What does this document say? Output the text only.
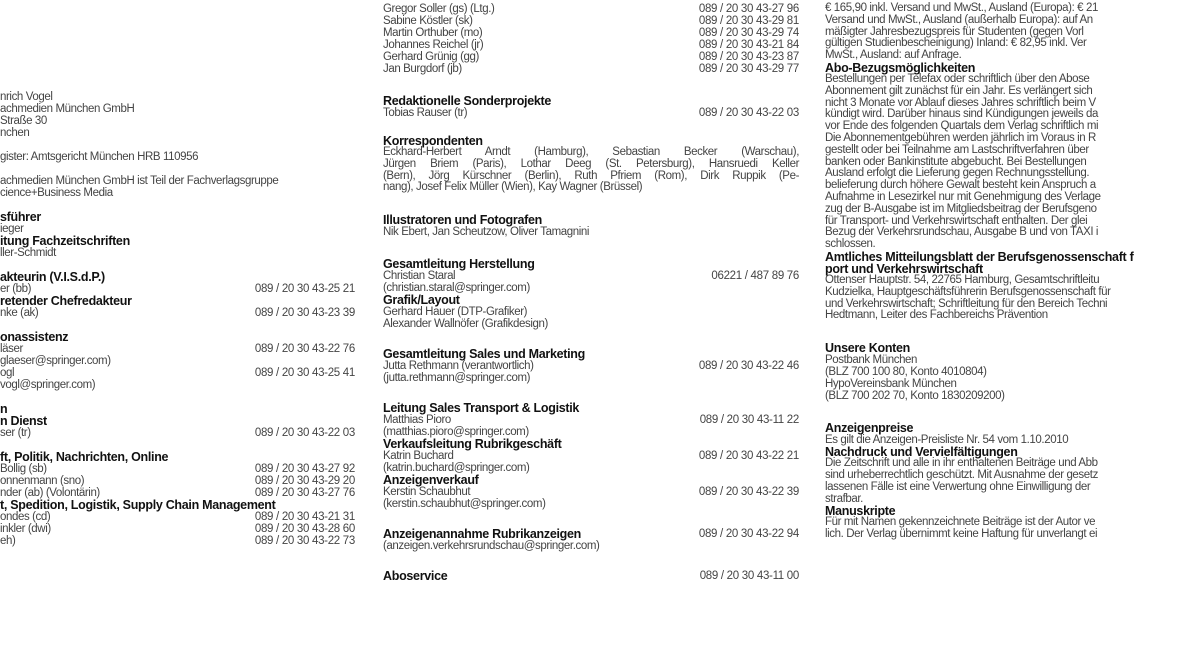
nrich Vogel
achmedien München GmbH
Straße 30
nchen
gister: Amtsgericht München HRB 110956
achmedien München GmbH ist Teil der Fachverlagsgruppe
cience+Business Media
sführer
ieger
itung Fachzeitschriften
ller-Schmidt
akteurin (V.I.S.d.P.)
er (bb)	089 / 20 30 43-25 21
retender Chefredakteur
nke (ak)	089 / 20 30 43-23 39
onassistenz
läser	089 / 20 30 43-22 76
glaeser@springer.com)
ogl	089 / 20 30 43-25 41
vogl@springer.com)
n
n Dienst
ser (tr)	089 / 20 30 43-22 03
ft, Politik, Nachrichten, Online
Bollig (sb)	089 / 20 30 43-27 92
onnenmann (sno)	089 / 20 30 43-29 20
nder (ab) (Volontärin)	089 / 20 30 43-27 76
t, Spedition, Logistik, Supply Chain Management
ondes (cd)	089 / 20 30 43-21 31
inkler (dwi)	089 / 20 30 43-28 60
eh)	089 / 20 30 43-22 73
Gregor Soller (gs) (Ltg.)	089 / 20 30 43-27 96
Sabine Köstler (sk)	089 / 20 30 43-29 81
Martin Orthuber (mo)	089 / 20 30 43-29 74
Johannes Reichel (jr)	089 / 20 30 43-21 84
Gerhard Grünig (gg)	089 / 20 30 43-23 87
Jan Burgdorf (jb)	089 / 20 30 43-29 77
Redaktionelle Sonderprojekte
Tobias Rauser (tr)	089 / 20 30 43-22 03
Korrespondenten
Eckhard-Herbert Arndt (Hamburg), Sebastian Becker (Warschau),
Jürgen Briem (Paris), Lothar Deeg (St. Petersburg), Hansruedi Keller
(Bern), Jörg Kürschner (Berlin), Ruth Pfriem (Rom), Dirk Ruppik (Pe-
nang), Josef Felix Müller (Wien), Kay Wagner (Brüssel)
Illustratoren und Fotografen
Nik Ebert, Jan Scheutzow, Oliver Tamagnini
Gesamtleitung Herstellung
Christian Staral	06221 / 487 89 76
(christian.staral@springer.com)
Grafik/Layout
Gerhard Hauer (DTP-Grafiker)
Alexander Wallnöfer (Grafikdesign)
Gesamtleitung Sales und Marketing
Jutta Rethmann (verantwortlich)	089 / 20 30 43-22 46
(jutta.rethmann@springer.com)
Leitung Sales Transport & Logistik
Matthias Pioro	089 / 20 30 43-11 22
(matthias.pioro@springer.com)
Verkaufsleitung Rubrikgeschäft
Katrin Buchard	089 / 20 30 43-22 21
(katrin.buchard@springer.com)
Anzeigenverkauf
Kerstin Schaubhut	089 / 20 30 43-22 39
(kerstin.schaubhut@springer.com)
Anzeigenannahme Rubrikanzeigen	089 / 20 30 43-22 94
(anzeigen.verkehrsrundschau@springer.com)
Aboservice	089 / 20 30 43-11 00
€ 165,90 inkl. Versand und MwSt., Ausland (Europa): € 21
Versand und MwSt., Ausland (außerhalb Europa): auf An
mäßigter Jahresbezugspreis für Studenten (gegen Vorl
gültigen Studienbescheinigung) Inland: € 82,95 inkl. Ver
MwSt., Ausland: auf Anfrage.
Abo-Bezugsmöglichkeiten
Bestellungen per Telefax oder schriftlich über den Abose
Abonnement gilt zunächst für ein Jahr. Es verlängert sich
nicht 3 Monate vor Ablauf dieses Jahres schriftlich beim V
kündigt wird. Darüber hinaus sind Kündigungen jeweils da
vor Ende des folgenden Quartals dem Verlag schriftlich mi
Die Abonnementgebühren werden jährlich im Voraus in R
gestellt oder bei Teilnahme am Lastschriftverfahren über
banken oder Bankinstitute abgebucht. Bei Bestellungen
Ausland erfolgt die Lieferung gegen Rechnungsstellung.
belieferung durch höhere Gewalt besteht kein Anspruch a
Aufnahme in Lesezirkel nur mit Genehmigung des Verlage
zug der B-Ausgabe ist im Mitgliedsbeitrag der Berufsgeno
für Transport- und Verkehrswirtschaft enthalten. Der glei
Bezug der Verkehrsrundschau, Ausgabe B und von TAXI i
schlossen.
Amtliches Mitteilungsblatt der Berufsgenossenschaft f
port und Verkehrswirtschaft
Ottenser Hauptstr. 54, 22765 Hamburg, Gesamtschriftleitu
Kudzielka, Hauptgeschäftsführerin Berufsgenossenschaft für
und Verkehrswirtschaft; Schriftleitung für den Bereich Techni
Hedtmann, Leiter des Fachbereichs Prävention
Unsere Konten
Postbank München
(BLZ 700 100 80, Konto 4010804)
HypoVereinsbank München
(BLZ 700 202 70, Konto 1830209200)
Anzeigenpreise
Es gilt die Anzeigen-Preisliste Nr. 54 vom 1.10.2010
Nachdruck und Vervielfältigungen
Die Zeitschrift und alle in ihr enthaltenen Beiträge und Abb
sind urheberrechtlich geschützt. Mit Ausnahme der gesetz
lassenen Fälle ist eine Verwertung ohne Einwilligung der
strafbar.
Manuskripte
Für mit Namen gekennzeichnete Beiträge ist der Autor ve
lich. Der Verlag übernimmt keine Haftung für unverlangt ei
